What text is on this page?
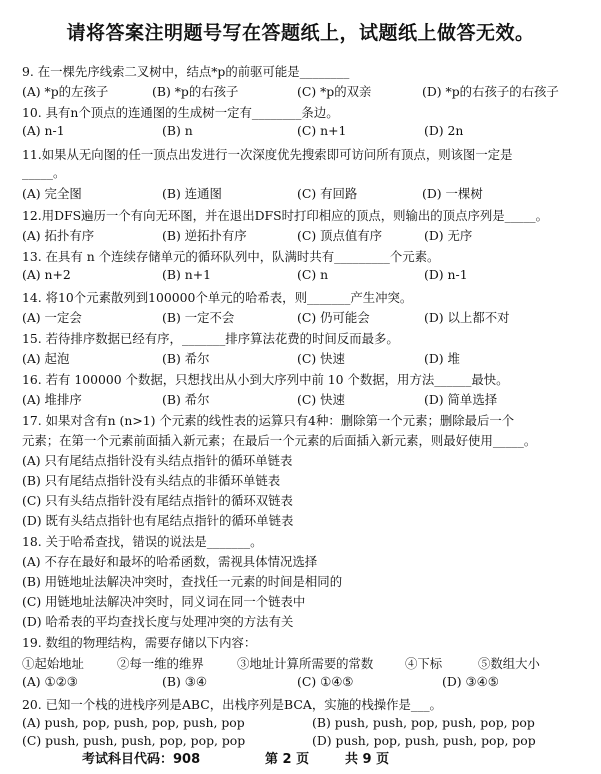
请将答案注明题号写在答题纸上，试题纸上做答无效。
9. 在一棵先序线索二叉树中，结点*p的前驱可能是________
(A) *p的左孩子	(B) *p的右孩子	(C) *p的双亲	(D) *p的右孩子的右孩子
10. 具有n个顶点的连通图的生成树一定有________条边。
(A) n-1	(B) n	(C) n+1	(D) 2n
11.如果从无向图的任一顶点出发进行一次深度优先搜索即可访问所有顶点，则该图一定是
_____。
(A) 完全图	(B) 连通图	(C) 有回路	(D) 一棵树
12.用DFS遍历一个有向无环图，并在退出DFS时打印相应的顶点，则输出的顶点序列是_____。
(A) 拓扑有序	(B) 逆拓扑有序	(C) 顶点值有序	(D) 无序
13. 在具有 n 个连续存储单元的循环队列中，队满时共有_________个元素。
(A) n+2	(B) n+1	(C) n	(D) n-1
14. 将10个元素散列到100000个单元的哈希表，则_______产生冲突。
(A) 一定会	(B) 一定不会	(C) 仍可能会	(D) 以上都不对
15. 若待排序数据已经有序，_______排序算法花费的时间反而最多。
(A) 起泡	(B) 希尔	(C) 快速	(D) 堆
16. 若有 100000 个数据，只想找出从小到大序列中前 10 个数据，用方法______最快。
(A) 堆排序	(B) 希尔	(C) 快速	(D) 简单选择
17. 如果对含有n (n>1) 个元素的线性表的运算只有4种：删除第一个元素；删除最后一个
元素；在第一个元素前面插入新元素；在最后一个元素的后面插入新元素，则最好使用_____。
(A) 只有尾结点指针没有头结点指针的循环单链表
(B) 只有尾结点指针没有头结点的非循环单链表
(C) 只有头结点指针没有尾结点指针的循环双链表
(D) 既有头结点指针也有尾结点指针的循环单链表
18. 关于哈希查找，错误的说法是_______。
(A) 不存在最好和最坏的哈希函数，需视具体情况选择
(B) 用链地址法解决冲突时，查找任一元素的时间是相同的
(C) 用链地址法解决冲突时，同义词在同一个链表中
(D) 哈希表的平均查找长度与处理冲突的方法有关
19. 数组的物理结构，需要存储以下内容：
①起始地址	②每一维的维界	③地址计算所需要的常数	④下标	⑤数组大小
(A) ①②③	(B) ③④	(C) ①④⑤	(D) ③④⑤
20. 已知一个栈的进栈序列是ABC，出栈序列是BCA，实施的栈操作是___。
(A) push, pop, push, pop, push, pop	(B) push, push, pop, push, pop, pop
(C) push, push, push, pop, pop, pop	(D) push, pop, push, push, pop, pop
考试科目代码：908	第 2 页	共 9 页
